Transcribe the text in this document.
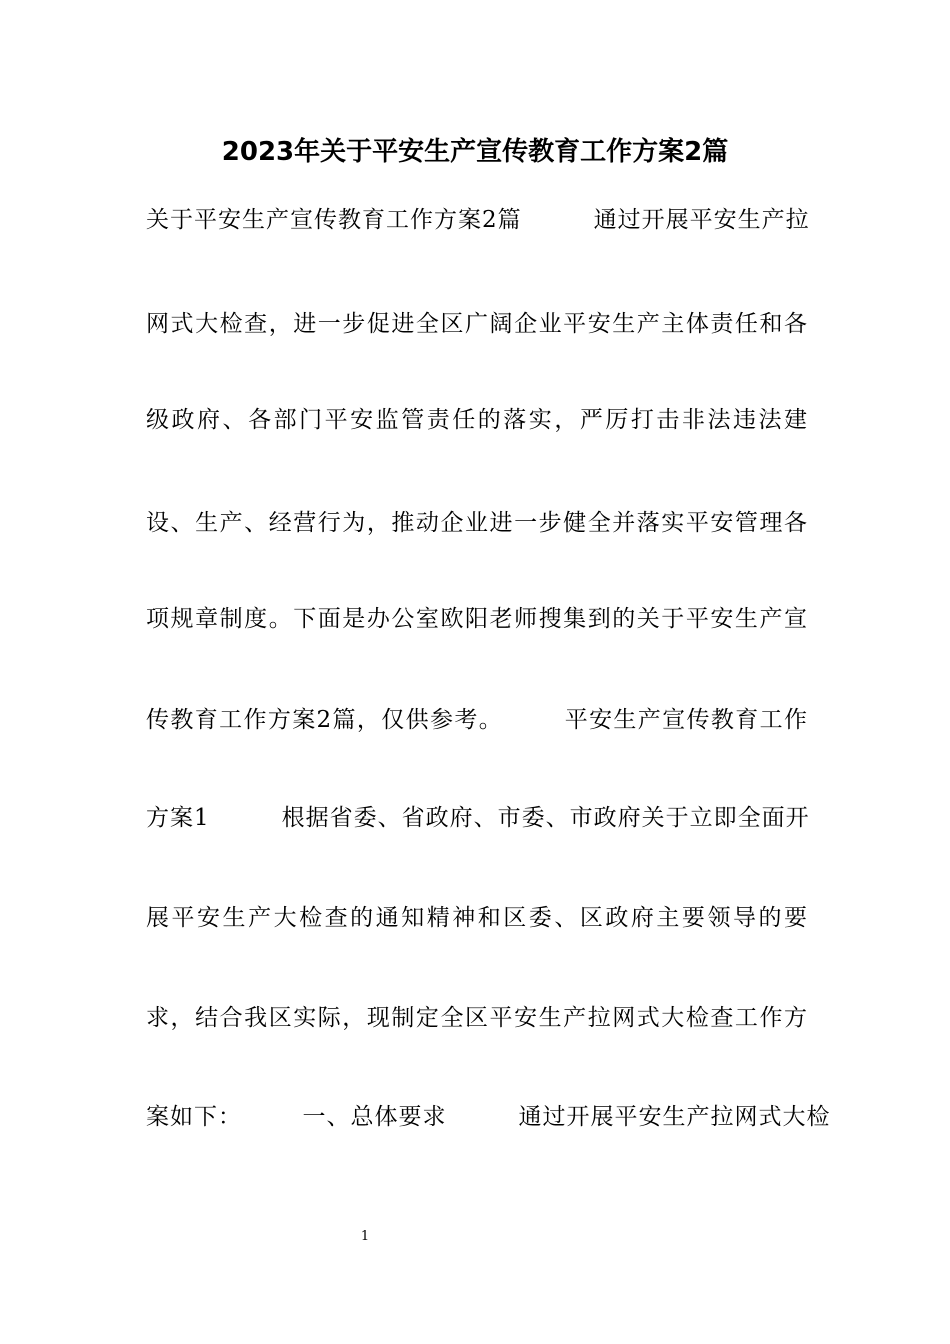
2023年关于平安生产宣传教育工作方案2篇
关于平安生产宣传教育工作方案2篇　　　通过开展平安生产拉
网式大检查，进一步促进全区广阔企业平安生产主体责任和各
级政府、各部门平安监管责任的落实，严厉打击非法违法建
设、生产、经营行为，推动企业进一步健全并落实平安管理各
项规章制度。下面是办公室欧阳老师搜集到的关于平安生产宣
传教育工作方案2篇，仅供参考。　　　平安生产宣传教育工作
方案1　　　根据省委、省政府、市委、市政府关于立即全面开
展平安生产大检查的通知精神和区委、区政府主要领导的要
求，结合我区实际，现制定全区平安生产拉网式大检查工作方
案如下：　　　一、总体要求　　　通过开展平安生产拉网式大检
1
